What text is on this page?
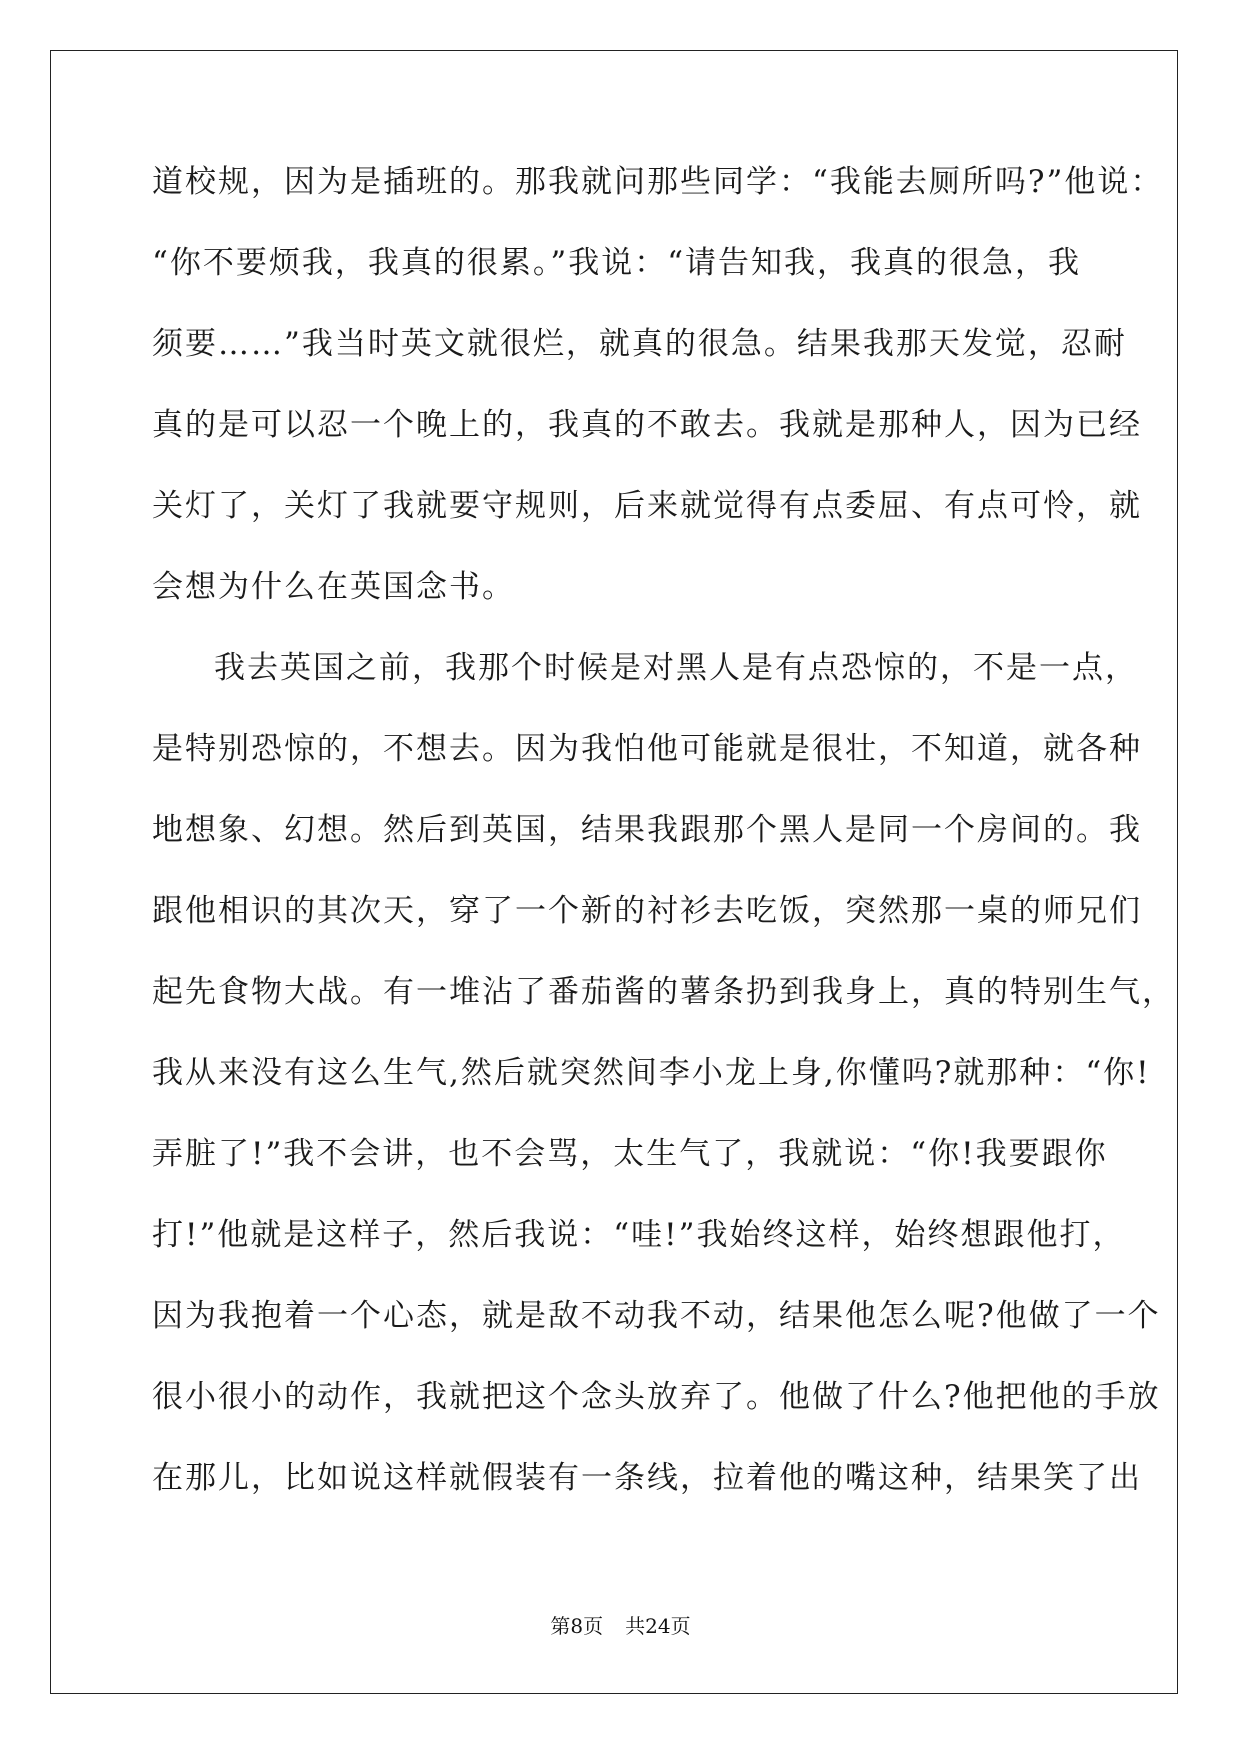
道校规，因为是插班的。那我就问那些同学：“我能去厕所吗?”他说：
“你不要烦我，我真的很累。”我说：“请告知我，我真的很急，我
须要……”我当时英文就很烂，就真的很急。结果我那天发觉，忍耐
真的是可以忍一个晚上的，我真的不敢去。我就是那种人，因为已经
关灯了，关灯了我就要守规则，后来就觉得有点委屈、有点可怜，就
会想为什么在英国念书。
我去英国之前，我那个时候是对黑人是有点恐惊的，不是一点，
是特别恐惊的，不想去。因为我怕他可能就是很壮，不知道，就各种
地想象、幻想。然后到英国，结果我跟那个黑人是同一个房间的。我
跟他相识的其次天，穿了一个新的衬衫去吃饭，突然那一桌的师兄们
起先食物大战。有一堆沾了番茄酱的薯条扔到我身上，真的特别生气，
我从来没有这么生气,然后就突然间李小龙上身,你懂吗?就那种：“你!
弄脏了!”我不会讲，也不会骂，太生气了，我就说：“你!我要跟你
打!”他就是这样子，然后我说：“哇!”我始终这样，始终想跟他打，
因为我抱着一个心态，就是敌不动我不动，结果他怎么呢?他做了一个
很小很小的动作，我就把这个念头放弃了。他做了什么?他把他的手放
在那儿，比如说这样就假装有一条线，拉着他的嘴这种，结果笑了出
第8页 共24页
